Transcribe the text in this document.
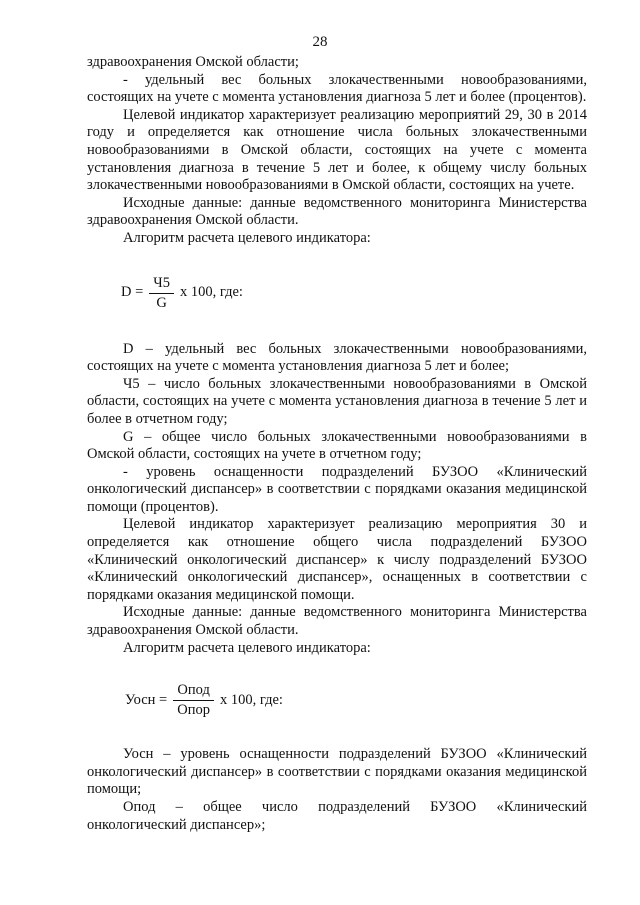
28

здравоохранения Омской области;

- удельный вес больных злокачественными новообразованиями, состоящих на учете с момента установления диагноза 5 лет и более (процентов).

Целевой индикатор характеризует реализацию мероприятий 29, 30 в 2014 году и определяется как отношение числа больных злокачественными новообразованиями в Омской области, состоящих на учете с момента установления диагноза в течение 5 лет и более, к общему числу больных злокачественными новообразованиями в Омской области, состоящих на учете.

Исходные данные: данные ведомственного мониторинга Министерства здравоохранения Омской области.

Алгоритм расчета целевого индикатора:

$D = \frac{Ч5}{G}$ x 100, где:

D – удельный вес больных злокачественными новообразованиями, состоящих на учете с момента установления диагноза 5 лет и более;

Ч5 – число больных злокачественными новообразованиями в Омской области, состоящих на учете с момента установления диагноза в течение 5 лет и более в отчетном году;

G – общее число больных злокачественными новообразованиями в Омской области, состоящих на учете в отчетном году;

- уровень оснащенности подразделений БУЗОО «Клинический онкологический диспансер» в соответствии с порядками оказания медицинской помощи (процентов).

Целевой индикатор характеризует реализацию мероприятия 30 и определяется как отношение общего числа подразделений БУЗОО «Клинический онкологический диспансер» к числу подразделений БУЗОО «Клинический онкологический диспансер», оснащенных в соответствии с порядками оказания медицинской помощи.

Исходные данные: данные ведомственного мониторинга Министерства здравоохранения Омской области.

Алгоритм расчета целевого индикатора:

Уосн = $\frac{\text{Опод}}{\text{Опор}}$ x 100, где:

Уосн – уровень оснащенности подразделений БУЗОО «Клинический онкологический диспансер» в соответствии с порядками оказания медицинской помощи;

Опод – общее число подразделений БУЗОО «Клинический онкологический диспансер»;
